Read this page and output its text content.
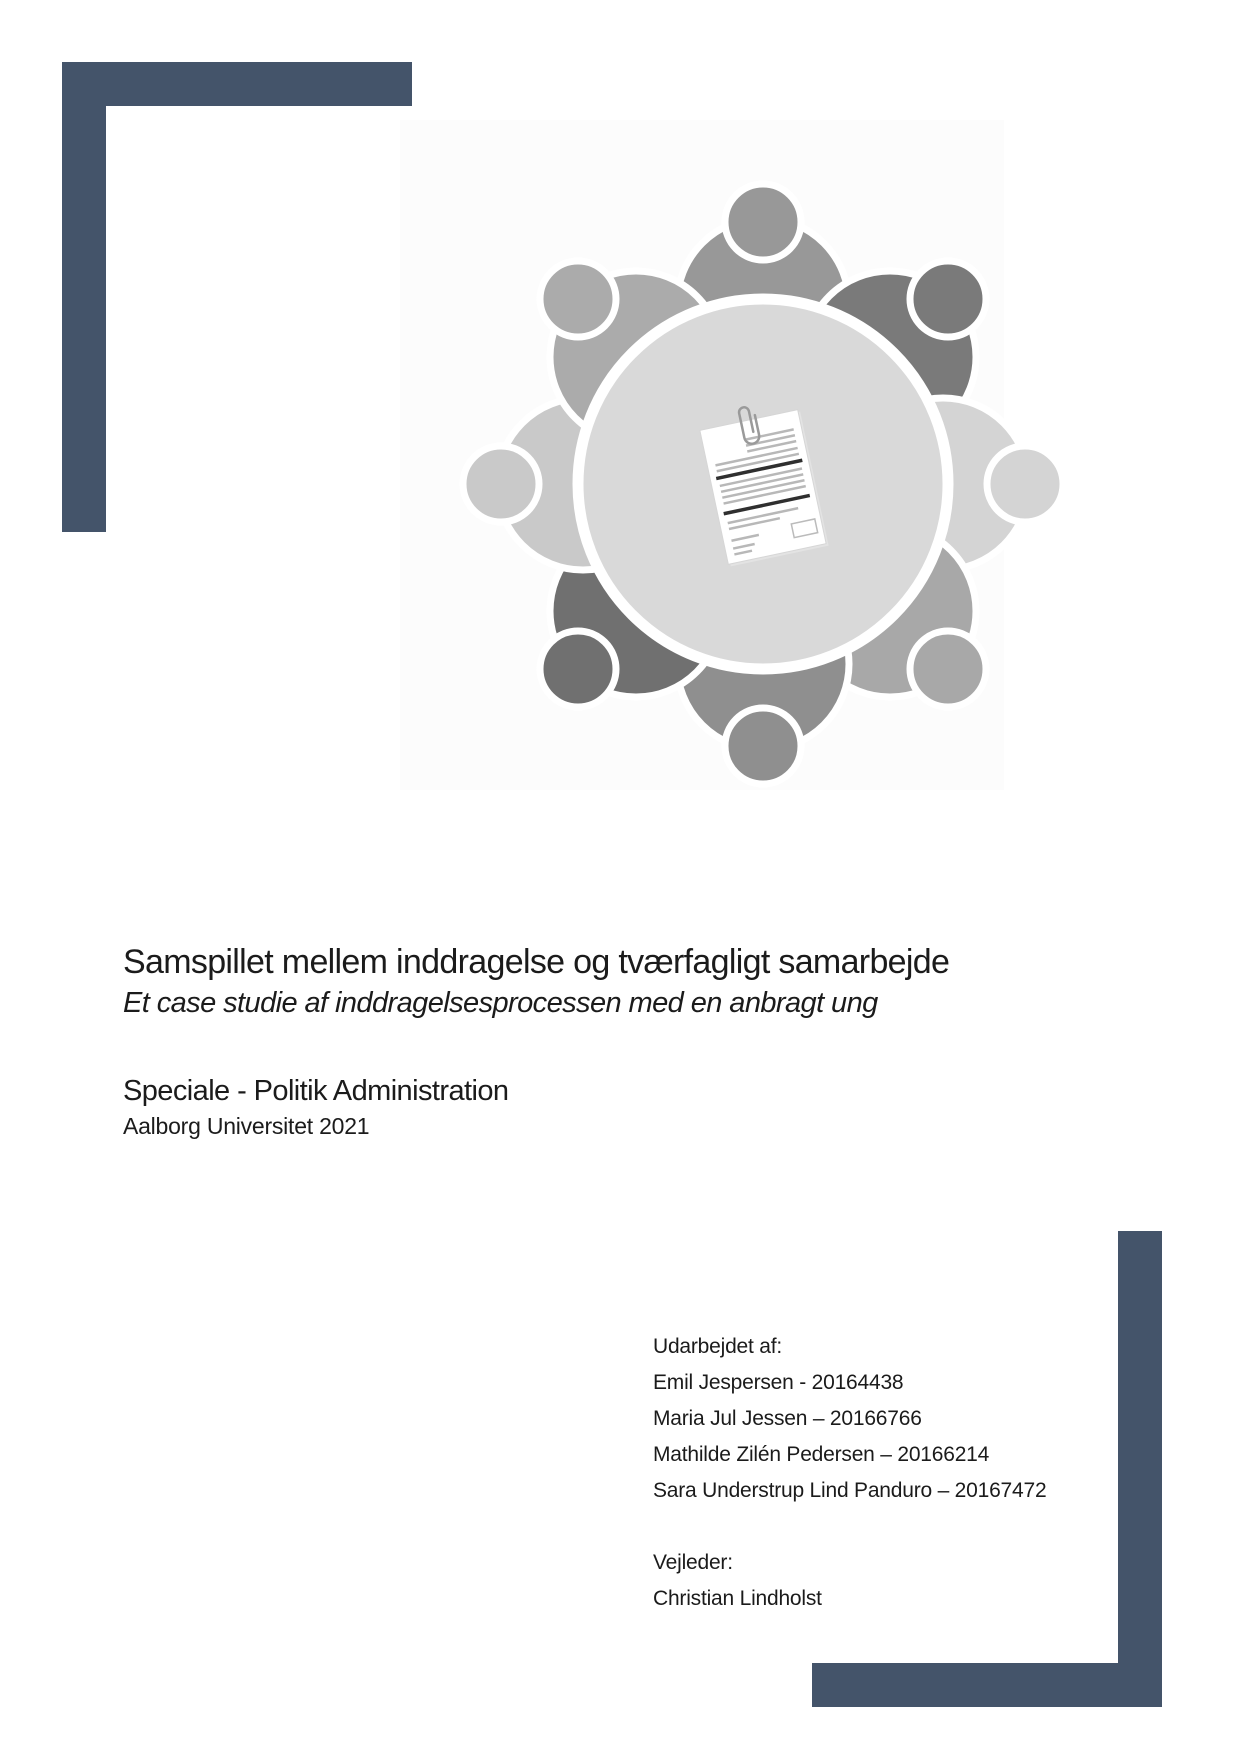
Samspillet mellem inddragelse og tværfagligt samarbejde
Et case studie af inddragelsesprocessen med en anbragt ung

Speciale - Politik Administration

Aalborg Universitet 2021

Udarbejdet af:
Emil Jespersen - 20164438
Maria Jul Jessen – 20166766
Mathilde Zilén Pedersen – 20166214
Sara Understrup Lind Panduro – 20167472
Vejleder:
Christian Lindholst
